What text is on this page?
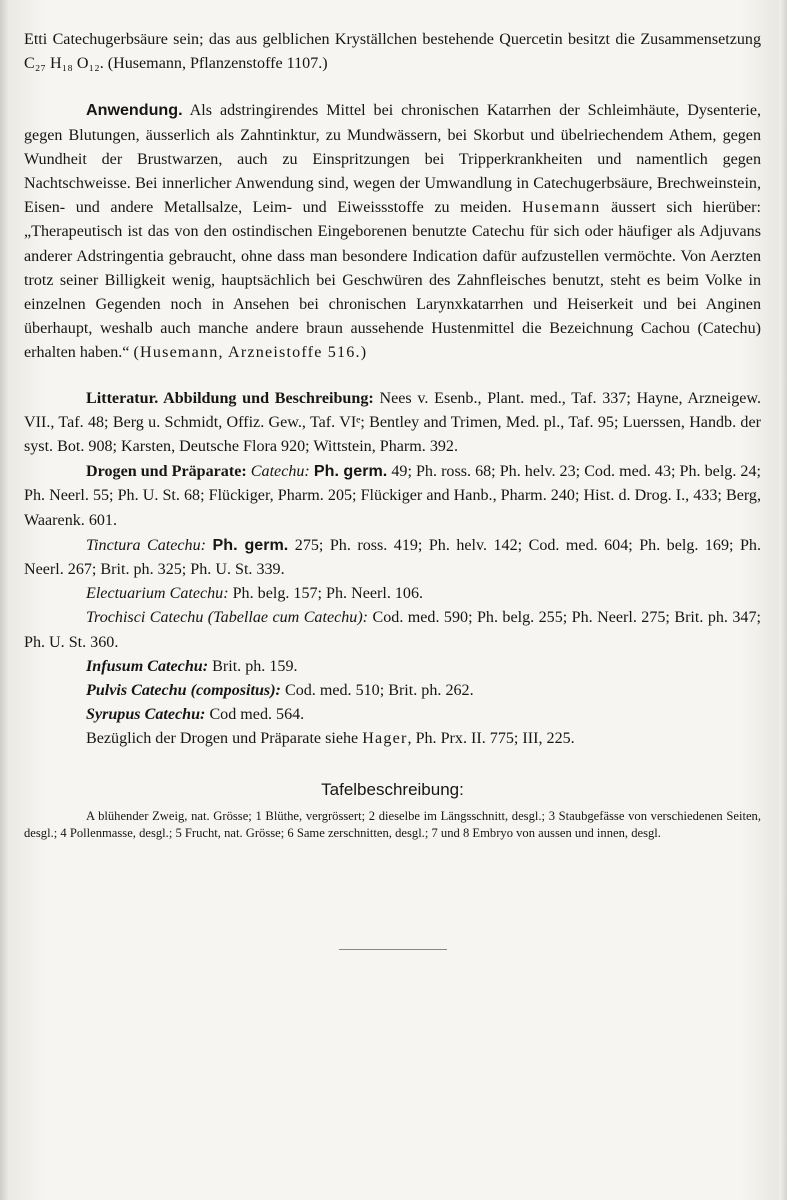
Etti Catechugerbsäure sein; das aus gelblichen Kryställchen bestehende Quercetin besitzt die Zusammensetzung C₂₇ H₁₈ O₁₂. (Husemann, Pflanzenstoffe 1107.)

Anwendung. Als adstringirendes Mittel bei chronischen Katarrhen der Schleimhäute, Dysenterie, gegen Blutungen, äusserlich als Zahntinktur, zu Mundwässern, bei Skorbut und übelriechendem Athem, gegen Wundheit der Brustwarzen, auch zu Einspritzungen bei Tripperkrankheiten und namentlich gegen Nachtschweisse. Bei innerlicher Anwendung sind, wegen der Umwandlung in Catechugerbsäure, Brechweinstein, Eisen- und andere Metallsalze, Leim- und Eiweissstoffe zu meiden. Husemann äussert sich hierüber: „Therapeutisch ist das von den ostindischen Eingeborenen benutzte Catechu für sich oder häufiger als Adjuvans anderer Adstringentia gebraucht, ohne dass man besondere Indication dafür aufzustellen vermöchte. Von Aerzten trotz seiner Billigkeit wenig, hauptsächlich bei Geschwüren des Zahnfleisches benutzt, steht es beim Volke in einzelnen Gegenden noch in Ansehen bei chronischen Larynxkatarrhen und Heiserkeit und bei Anginen überhaupt, weshalb auch manche andere braun aussehende Hustenmittel die Bezeichnung Cachou (Catechu) erhalten haben.“ (Husemann, Arzneistoffe 516.)

Litteratur. Abbildung und Beschreibung: Nees v. Esenb., Plant. med., Taf. 337; Hayne, Arzneigew. VII., Taf. 48; Berg u. Schmidt, Offiz. Gew., Taf. VIᵉ; Bentley and Trimen, Med. pl., Taf. 95; Luerssen, Handb. der syst. Bot. 908; Karsten, Deutsche Flora 920; Wittstein, Pharm. 392.

Drogen und Präparate: Catechu: Ph. germ. 49; Ph. ross. 68; Ph. helv. 23; Cod. med. 43; Ph. belg. 24; Ph. Neerl. 55; Ph. U. St. 68; Flückiger, Pharm. 205; Flückiger and Hanb., Pharm. 240; Hist. d. Drog. I., 433; Berg, Waarenk. 601.

Tinctura Catechu: Ph. germ. 275; Ph. ross. 419; Ph. helv. 142; Cod. med. 604; Ph. belg. 169; Ph. Neerl. 267; Brit. ph. 325; Ph. U. St. 339.

Electuarium Catechu: Ph. belg. 157; Ph. Neerl. 106.

Trochisci Catechu (Tabellae cum Catechu): Cod. med. 590; Ph. belg. 255; Ph. Neerl. 275; Brit. ph. 347; Ph. U. St. 360.

Infusum Catechu: Brit. ph. 159.

Pulvis Catechu (compositus): Cod. med. 510; Brit. ph. 262.

Syrupus Catechu: Cod med. 564.

Bezüglich der Drogen und Präparate siehe Hager, Ph. Prx. II. 775; III, 225.

Tafelbeschreibung:

A blühender Zweig, nat. Grösse; 1 Blüthe, vergrössert; 2 dieselbe im Längsschnitt, desgl.; 3 Staubgefässe von verschiedenen Seiten, desgl.; 4 Pollenmasse, desgl.; 5 Frucht, nat. Grösse; 6 Same zerschnitten, desgl.; 7 und 8 Embryo von aussen und innen, desgl.
